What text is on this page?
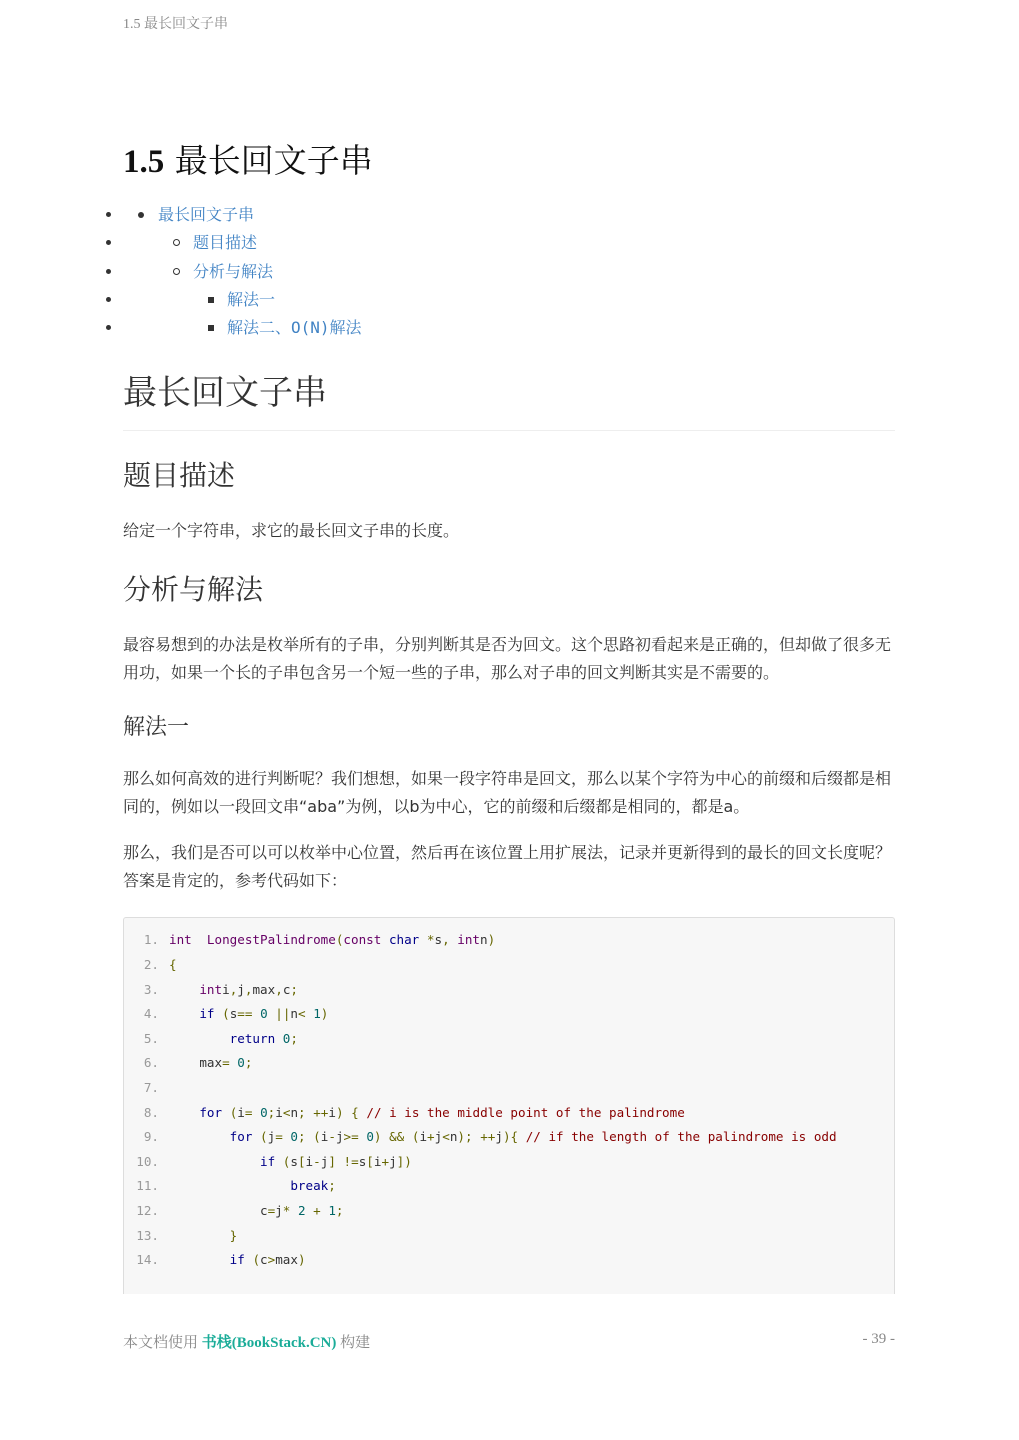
1.5 最长回文子串
1.5 最长回文子串
• 最长回文子串
• 题目描述
• 分析与解法
• 解法一
• 解法二、O(N)解法
最长回文子串
题目描述

给定一个字符串，求它的最长回文子串的长度。

分析与解法

最容易想到的办法是枚举所有的子串，分别判断其是否为回文。这个思路初看起来是正确的，但却做了很多无用功，如果一个长的子串包含另一个短一些的子串，那么对子串的回文判断其实是不需要的。

解法一

那么如何高效的进行判断呢？我们想想，如果一段字符串是回文，那么以某个字符为中心的前缀和后缀都是相同的，例如以一段回文串“aba”为例，以b为中心，它的前缀和后缀都是相同的，都是a。

那么，我们是否可以可以枚举中心位置，然后再在该位置上用扩展法，记录并更新得到的最长的回文长度呢？答案是肯定的，参考代码如下：

1. int LongestPalindrome(const char *s, intn)
2. {
3.	inti,j,max,c;
4.	if (s== 0 ||n< 1)
5.	return 0;
6.    max= 0;
7.
8.	for (i= 0;i<n; ++i) { // i is the middle point of the palindrome
9.	for (j= 0; (i-j>= 0) && (i+j<n); ++j){ // if the length of the palindrome is odd
10.	if (s[i-j] !=s[i+j])
11.	break;
12.            c=j* 2 + 1;
13.	}
14.	if (c>max)
本文档使用 书栈(BookStack.CN) 构建	- 39 -
